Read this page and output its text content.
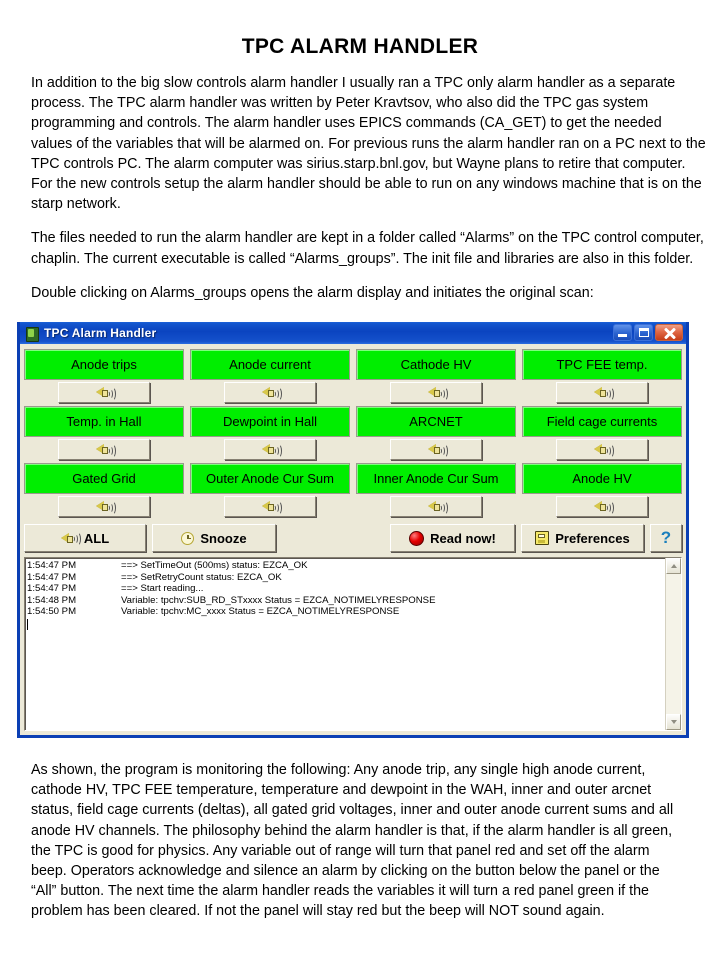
TPC ALARM HANDLER

In addition to the big slow controls alarm handler I usually ran a TPC only alarm handler as a separate process. The TPC alarm handler was written by Peter Kravtsov, who also did the TPC gas system programming and controls. The alarm handler uses EPICS commands (CA_GET) to get the needed values of the variables that will be alarmed on. For previous runs the alarm handler ran on a PC next to the TPC controls PC. The alarm computer was sirius.starp.bnl.gov, but Wayne plans to retire that computer. For the new controls setup the alarm handler should be able to run on any windows machine that is on the starp network.

The files needed to run the alarm handler are kept in a folder called “Alarms” on the TPC control computer, chaplin. The current executable is called “Alarms_groups”. The init file and libraries are also in this folder.

Double clicking on Alarms_groups opens the alarm display and initiates the original scan:

TPC Alarm Handler
Anode trips	Anode current	Cathode HV	TPC FEE temp.
Temp. in Hall	Dewpoint in Hall	ARCNET	Field cage currents
Gated Grid	Outer Anode Cur Sum	Inner Anode Cur Sum	Anode HV
ALL	Snooze	Read now!	Preferences ?
1:54:47 PM	==> SetTimeOut (500ms) status: EZCA_OK
1:54:47 PM	==> SetRetryCount status: EZCA_OK
1:54:47 PM	==> Start reading...
1:54:48 PM	Variable: tpchv:SUB_RD_STxxxx Status = EZCA_NOTIMELYRESPONSE
1:54:50 PM	Variable: tpchv:MC_xxxx Status = EZCA_NOTIMELYRESPONSE

As shown, the program is monitoring the following: Any anode trip, any single high anode current, cathode HV, TPC FEE temperature, temperature and dewpoint in the WAH, inner and outer arcnet status, field cage currents (deltas), all gated grid voltages, inner and outer anode current sums and all anode HV channels. The philosophy behind the alarm handler is that, if the alarm handler is all green, the TPC is good for physics. Any variable out of range will turn that panel red and set off the alarm beep. Operators acknowledge and silence an alarm by clicking on the button below the panel or the “All” button. The next time the alarm handler reads the variables it will turn a red panel green if the problem has been cleared. If not the panel will stay red but the beep will NOT sound again.
